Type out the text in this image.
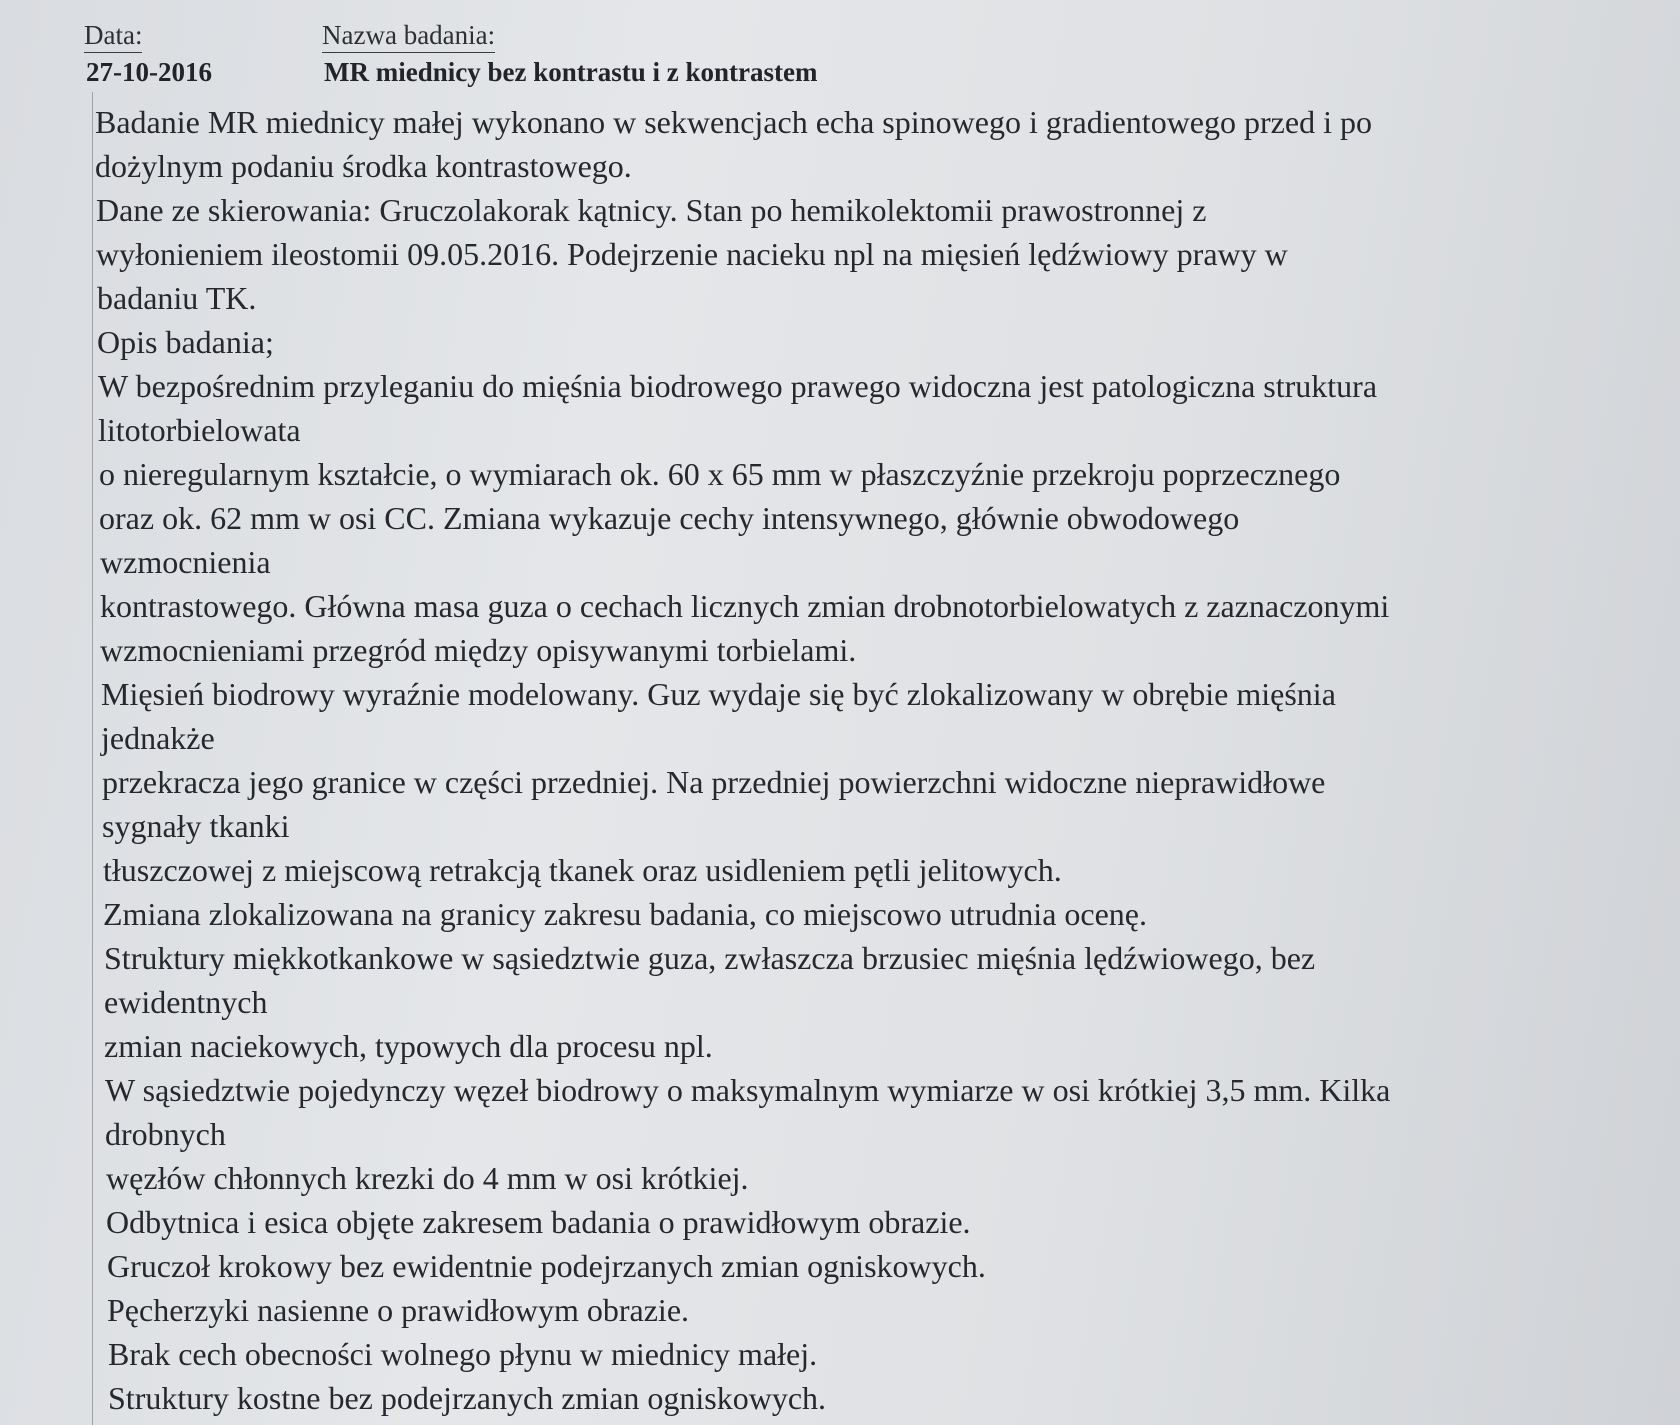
Data:	Nazwa badania:
27-10-2016	MR miednicy bez kontrastu i z kontrastem
Badanie MR miednicy małej wykonano w sekwencjach echa spinowego i gradientowego przed i po
dożylnym podaniu środka kontrastowego.
Dane ze skierowania: Gruczolakorak kątnicy. Stan po hemikolektomii prawostronnej z
wyłonieniem ileostomii 09.05.2016. Podejrzenie nacieku npl na mięsień lędźwiowy prawy w
badaniu TK.
Opis badania;
W bezpośrednim przyleganiu do mięśnia biodrowego prawego widoczna jest patologiczna struktura
litotorbielowata
o nieregularnym kształcie, o wymiarach ok. 60 x 65 mm w płaszczyźnie przekroju poprzecznego
oraz ok. 62 mm w osi CC. Zmiana wykazuje cechy intensywnego, głównie obwodowego
wzmocnienia
kontrastowego. Główna masa guza o cechach licznych zmian drobnotorbielowatych z zaznaczonymi
wzmocnieniami przegród między opisywanymi torbielami.
Mięsień biodrowy wyraźnie modelowany. Guz wydaje się być zlokalizowany w obrębie mięśnia
jednakże
przekracza jego granice w części przedniej. Na przedniej powierzchni widoczne nieprawidłowe
sygnały tkanki
tłuszczowej z miejscową retrakcją tkanek oraz usidleniem pętli jelitowych.
Zmiana zlokalizowana na granicy zakresu badania, co miejscowo utrudnia ocenę.
Struktury miękkotkankowe w sąsiedztwie guza, zwłaszcza brzusiec mięśnia lędźwiowego, bez
ewidentnych
zmian naciekowych, typowych dla procesu npl.
W sąsiedztwie pojedynczy węzeł biodrowy o maksymalnym wymiarze w osi krótkiej 3,5 mm. Kilka
drobnych
węzłów chłonnych krezki do 4 mm w osi krótkiej.
Odbytnica i esica objęte zakresem badania o prawidłowym obrazie.
Gruczoł krokowy bez ewidentnie podejrzanych zmian ogniskowych.
Pęcherzyki nasienne o prawidłowym obrazie.
Brak cech obecności wolnego płynu w miednicy małej.
Struktury kostne bez podejrzanych zmian ogniskowych.
